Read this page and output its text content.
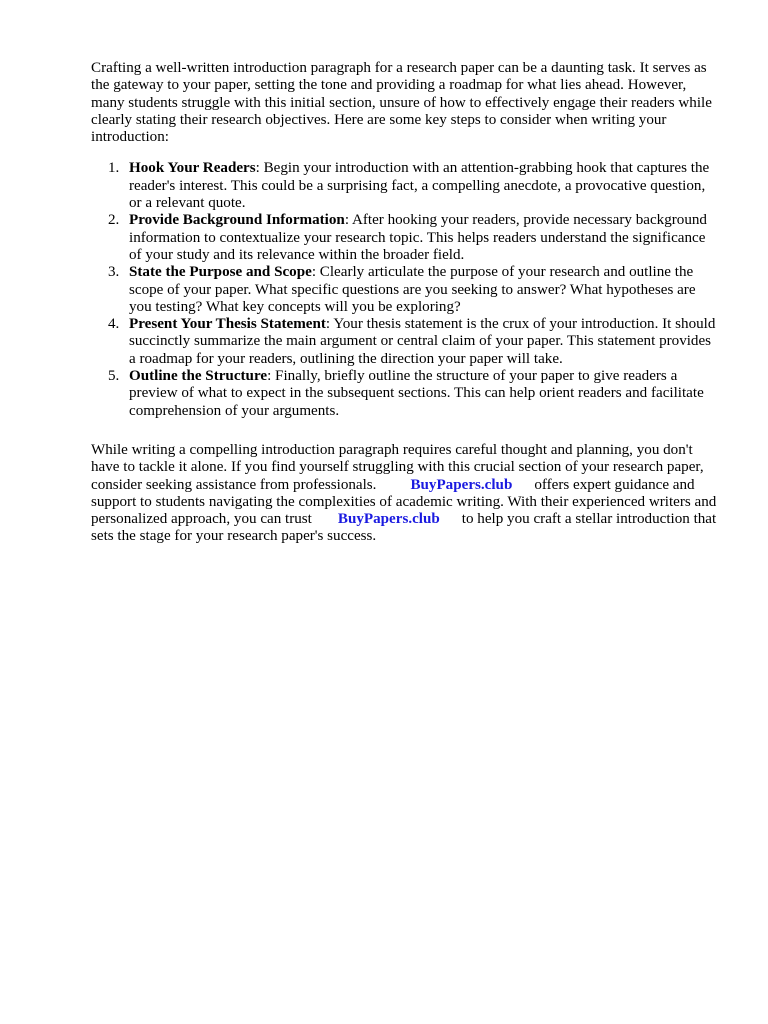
Crafting a well-written introduction paragraph for a research paper can be a daunting task. It serves as the gateway to your paper, setting the tone and providing a roadmap for what lies ahead. However, many students struggle with this initial section, unsure of how to effectively engage their readers while clearly stating their research objectives. Here are some key steps to consider when writing your introduction:

1. Hook Your Readers: Begin your introduction with an attention-grabbing hook that captures the reader's interest. This could be a surprising fact, a compelling anecdote, a provocative question, or a relevant quote.
2. Provide Background Information: After hooking your readers, provide necessary background information to contextualize your research topic. This helps readers understand the significance of your study and its relevance within the broader field.
3. State the Purpose and Scope: Clearly articulate the purpose of your research and outline the scope of your paper. What specific questions are you seeking to answer? What hypotheses are you testing? What key concepts will you be exploring?
4. Present Your Thesis Statement: Your thesis statement is the crux of your introduction. It should succinctly summarize the main argument or central claim of your paper. This statement provides a roadmap for your readers, outlining the direction your paper will take.
5. Outline the Structure: Finally, briefly outline the structure of your paper to give readers a preview of what to expect in the subsequent sections. This can help orient readers and facilitate comprehension of your arguments.

While writing a compelling introduction paragraph requires careful thought and planning, you don't have to tackle it alone. If you find yourself struggling with this crucial section of your research paper, consider seeking assistance from professionals. BuyPapers.club offers expert guidance and support to students navigating the complexities of academic writing. With their experienced writers and personalized approach, you can trust BuyPapers.club to help you craft a stellar introduction that sets the stage for your research paper's success.
